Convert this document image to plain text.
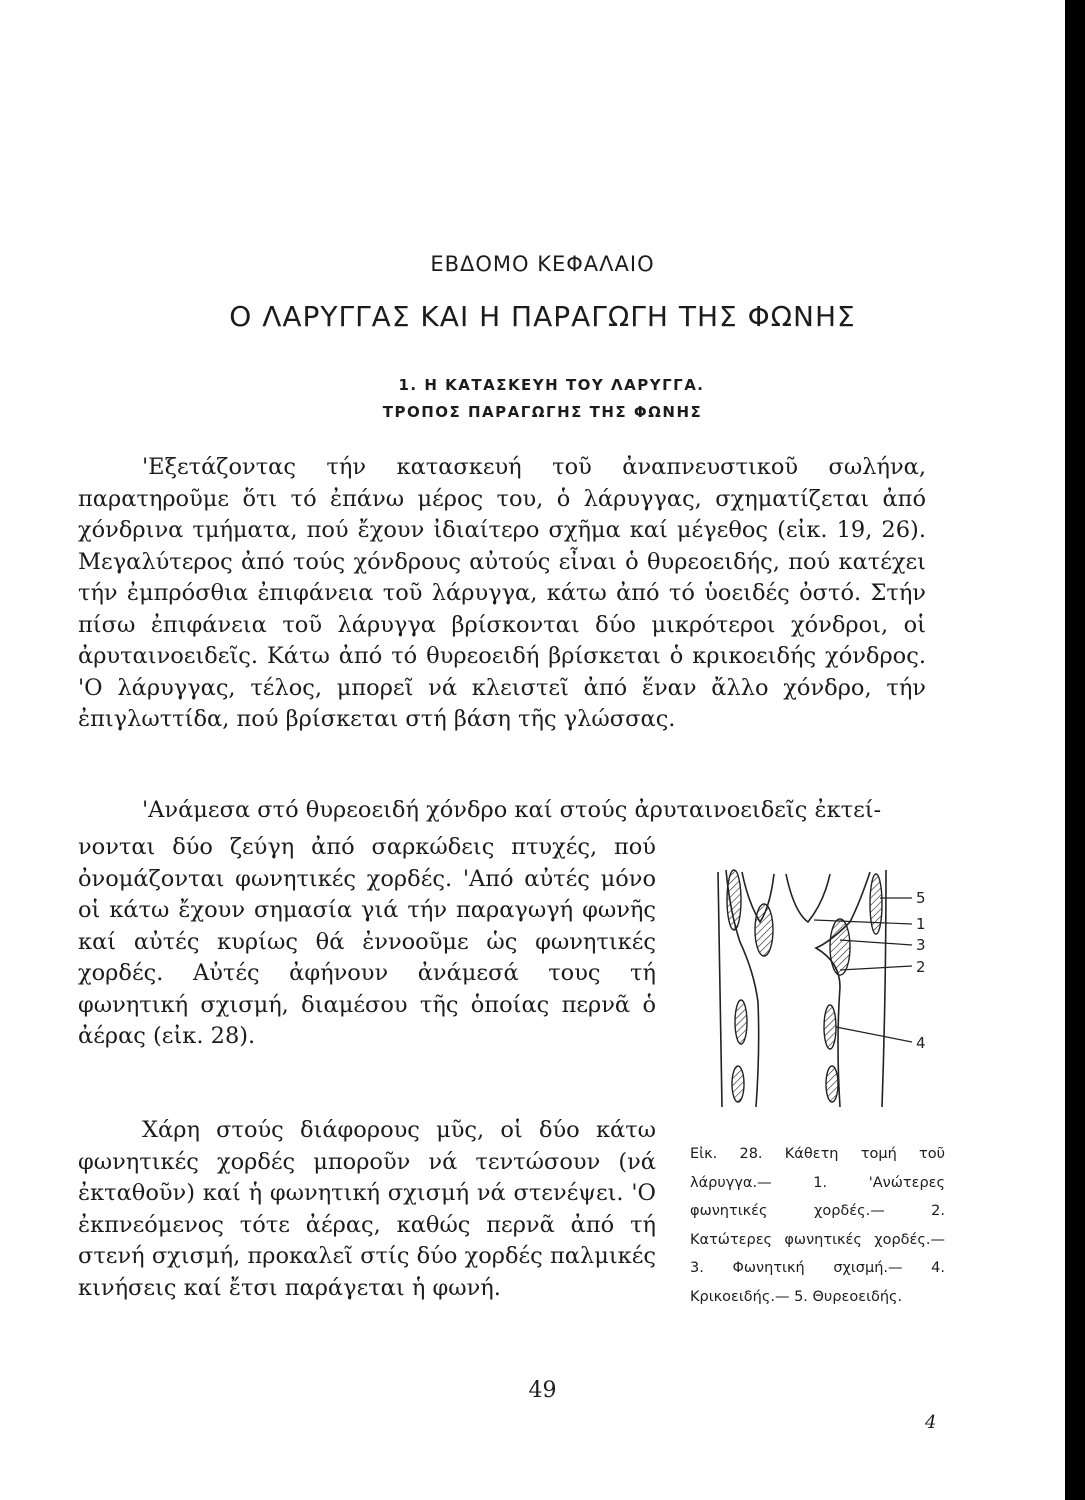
ΕΒΔΟΜΟ ΚΕΦΑΛΑΙΟ
Ο ΛΑΡΥΓΓΑΣ ΚΑΙ Η ΠΑΡΑΓΩΓΗ ΤΗΣ ΦΩΝΗΣ
1. Η ΚΑΤΑΣΚΕΥΗ ΤΟΥ ΛΑΡΥΓΓΑ.
ΤΡΟΠΟΣ ΠΑΡΑΓΩΓΗΣ ΤΗΣ ΦΩΝΗΣ

'Εξετάζοντας τήν κατασκευή τοῦ ἀναπνευστικοῦ σωλήνα, παρατηροῦμε ὅτι τό ἐπάνω μέρος του, ὁ λάρυγγας, σχηματίζεται ἀπό χόνδρινα τμήματα, πού ἔχουν ἰδιαίτερο σχῆμα καί μέγεθος (εἰκ. 19, 26). Μεγαλύτερος ἀπό τούς χόνδρους αὐτούς εἶναι ὁ θυρεοειδής, πού κατέχει τήν ἐμπρόσθια ἐπιφάνεια τοῦ λάρυγγα, κάτω ἀπό τό ὑοειδές ὀστό. Στήν πίσω ἐπιφάνεια τοῦ λάρυγγα βρίσκονται δύο μικρότεροι χόνδροι, οἱ ἀρυταινοειδεῖς. Κάτω ἀπό τό θυρεοειδή βρίσκεται ὁ κρικοειδής χόνδρος. 'Ο λάρυγγας, τέλος, μπορεῖ νά κλειστεῖ ἀπό ἕναν ἄλλο χόνδρο, τήν ἐπιγλωττίδα, πού βρίσκεται στή βάση τῆς γλώσσας.

'Ανάμεσα στό θυρεοειδή χόνδρο καί στούς ἀρυταινοειδεῖς ἐκτεί-

νονται δύο ζεύγη ἀπό σαρκώδεις πτυχές, πού ὀνομάζονται φωνητικές χορδές. 'Από αὐτές μόνο οἱ κάτω ἔχουν σημασία γιά τήν παραγωγή φωνῆς καί αὐτές κυρίως θά ἐννοοῦμε ὡς φωνητικές χορδές. Αὐτές ἀφήνουν ἀνάμεσά τους τή φωνητική σχισμή, διαμέσου τῆς ὁποίας περνᾶ ὁ ἀέρας (εἰκ. 28).

Χάρη στούς διάφορους μῦς, οἱ δύο κάτω φωνητικές χορδές μποροῦν νά τεντώσουν (νά ἐκταθοῦν) καί ἡ φωνητική σχισμή νά στενέψει. 'Ο ἐκπνεόμενος τότε ἀέρας, καθώς περνᾶ ἀπό τή στενή σχισμή, προκαλεῖ στίς δύο χορδές παλμικές κινήσεις καί ἔτσι παράγεται ἡ φωνή.

5
1
3
2
4
Εἰκ. 28. Κάθετη τομή τοῦ λάρυγγα.— 1. 'Ανώτερες φωνητικές χορδές.— 2. Κατώτερες φωνητικές χορδές.— 3. Φωνητική σχισμή.— 4. Κρικοειδής.— 5. Θυρεοειδής.
49
4
